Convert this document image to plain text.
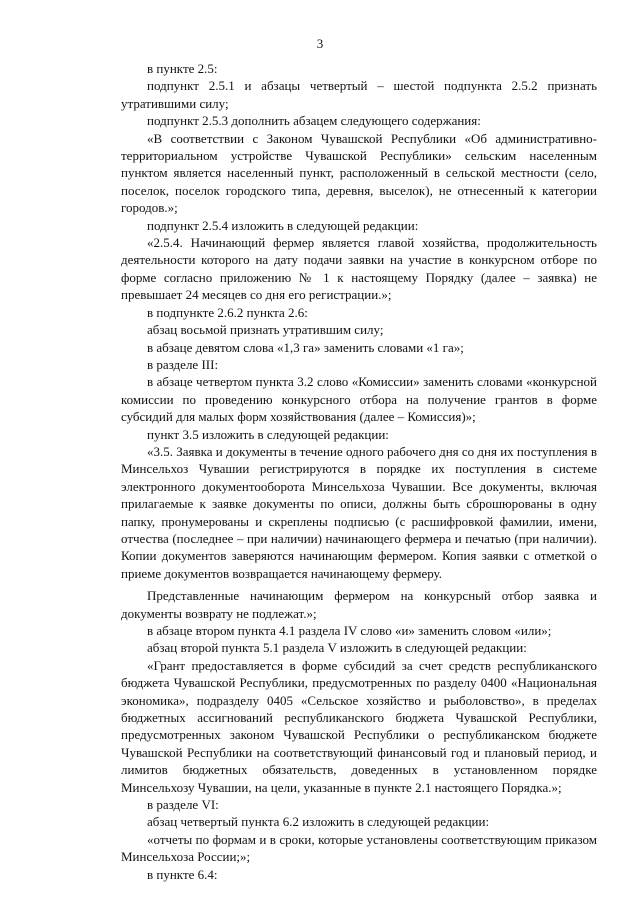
3

в пункте 2.5:

подпункт 2.5.1 и абзацы четвертый – шестой подпункта 2.5.2 признать утратившими силу;

подпункт 2.5.3 дополнить абзацем следующего содержания:

«В соответствии с Законом Чувашской Республики «Об административно-территориальном устройстве Чувашской Республики» сельским населенным пунктом является населенный пункт, расположенный в сельской местности (село, поселок, поселок городского типа, деревня, выселок), не отнесенный к категории городов.»;

подпункт 2.5.4 изложить в следующей редакции:

«2.5.4. Начинающий фермер является главой хозяйства, продолжительность деятельности которого на дату подачи заявки на участие в конкурсном отборе по форме согласно приложению № 1 к настоящему Порядку (далее – заявка) не превышает 24 месяцев со дня его регистрации.»;

в подпункте 2.6.2 пункта 2.6:

абзац восьмой признать утратившим силу;

в абзаце девятом слова «1,3 га» заменить словами «1 га»;

в разделе III:

в абзаце четвертом пункта 3.2 слово «Комиссии» заменить словами «конкурсной комиссии по проведению конкурсного отбора на получение грантов в форме субсидий для малых форм хозяйствования (далее – Комиссия)»;

пункт 3.5 изложить в следующей редакции:

«3.5. Заявка и документы в течение одного рабочего дня со дня их поступления в Минсельхоз Чувашии регистрируются в порядке их поступления в системе электронного документооборота Минсельхоза Чувашии. Все документы, включая прилагаемые к заявке документы по описи, должны быть сброшюрованы в одну папку, пронумерованы и скреплены подписью (с расшифровкой фамилии, имени, отчества (последнее – при наличии) начинающего фермера и печатью (при наличии). Копии документов заверяются начинающим фермером. Копия заявки с отметкой о приеме документов возвращается начинающему фермеру.

Представленные начинающим фермером на конкурсный отбор заявка и документы возврату не подлежат.»;

в абзаце втором пункта 4.1 раздела IV слово «и» заменить словом «или»;

абзац второй пункта 5.1 раздела V изложить в следующей редакции:

«Грант предоставляется в форме субсидий за счет средств республиканского бюджета Чувашской Республики, предусмотренных по разделу 0400 «Национальная экономика», подразделу 0405 «Сельское хозяйство и рыболовство», в пределах бюджетных ассигнований республиканского бюджета Чувашской Республики, предусмотренных законом Чувашской Республики о республиканском бюджете Чувашской Республики на соответствующий финансовый год и плановый период, и лимитов бюджетных обязательств, доведенных в установленном порядке Минсельхозу Чувашии, на цели, указанные в пункте 2.1 настоящего Порядка.»;

в разделе VI:

абзац четвертый пункта 6.2 изложить в следующей редакции:

«отчеты по формам и в сроки, которые установлены соответствующим приказом Минсельхоза России;»;

в пункте 6.4:
